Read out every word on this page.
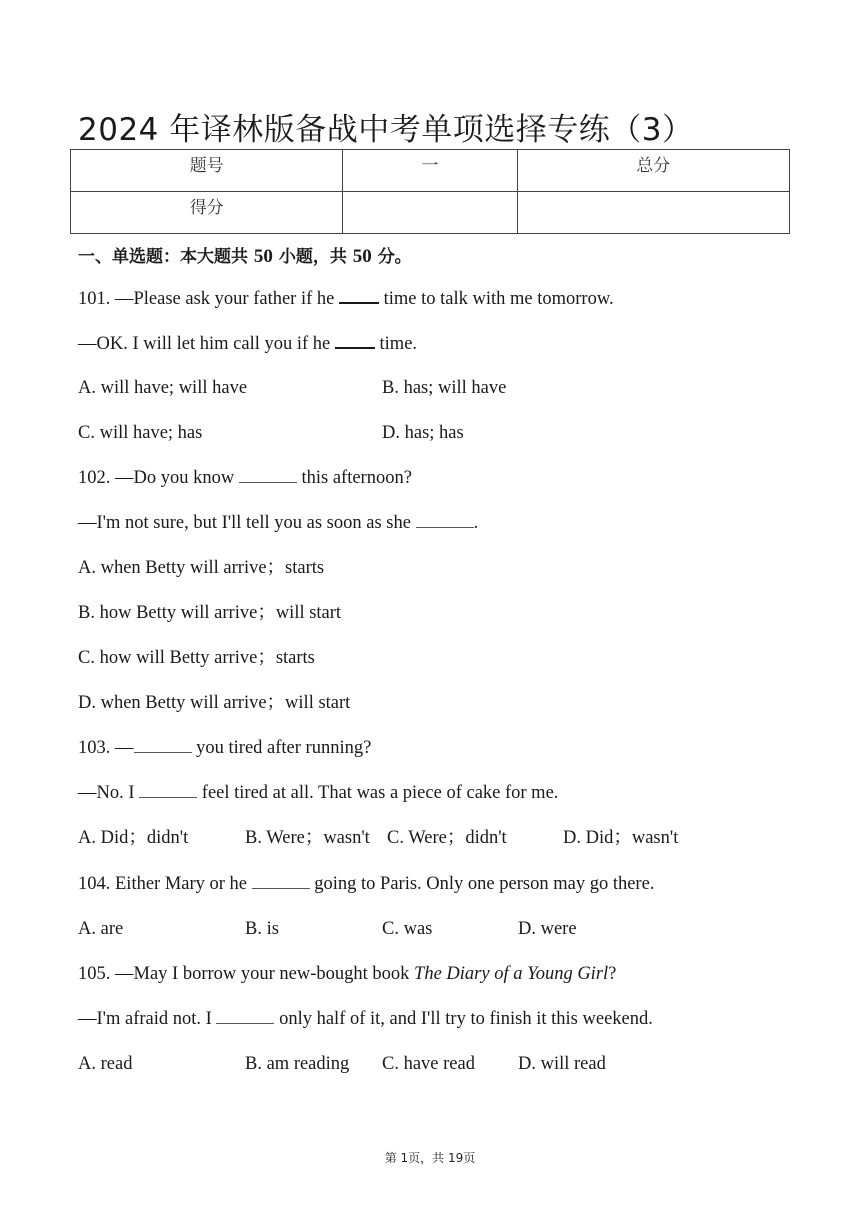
2024 年译林版备战中考单项选择专练（3）
题号	一	总分
得分		
一、单选题：本大题共 50 小题，共 50 分。
101. —Please ask your father if he	time to talk with me tomorrow.
—OK. I will let him call you if he	time.
A. will have; will have	B. has; will have
C. will have; has	D. has; has
102. —Do you know	this afternoon?
—I'm not sure, but I'll tell you as soon as she	.
A. when Betty will arrive；starts
B. how Betty will arrive；will start
C. how will Betty arrive；starts
D. when Betty will arrive；will start
103. —	you tired after running?
—No. I	feel tired at all. That was a piece of cake for me.
A. Did；didn't	B. Were；wasn't C. Were；didn't	D. Did；wasn't
104. Either Mary or he	going to Paris. Only one person may go there.
A. are	B. is	C. was	D. were
105. —May I borrow your new-bought book The Diary of a Young Girl?
—I'm afraid not. I	only half of it, and I'll try to finish it this weekend.
A. read	B. am reading C. have read D. will read
第 1页，共 19页
